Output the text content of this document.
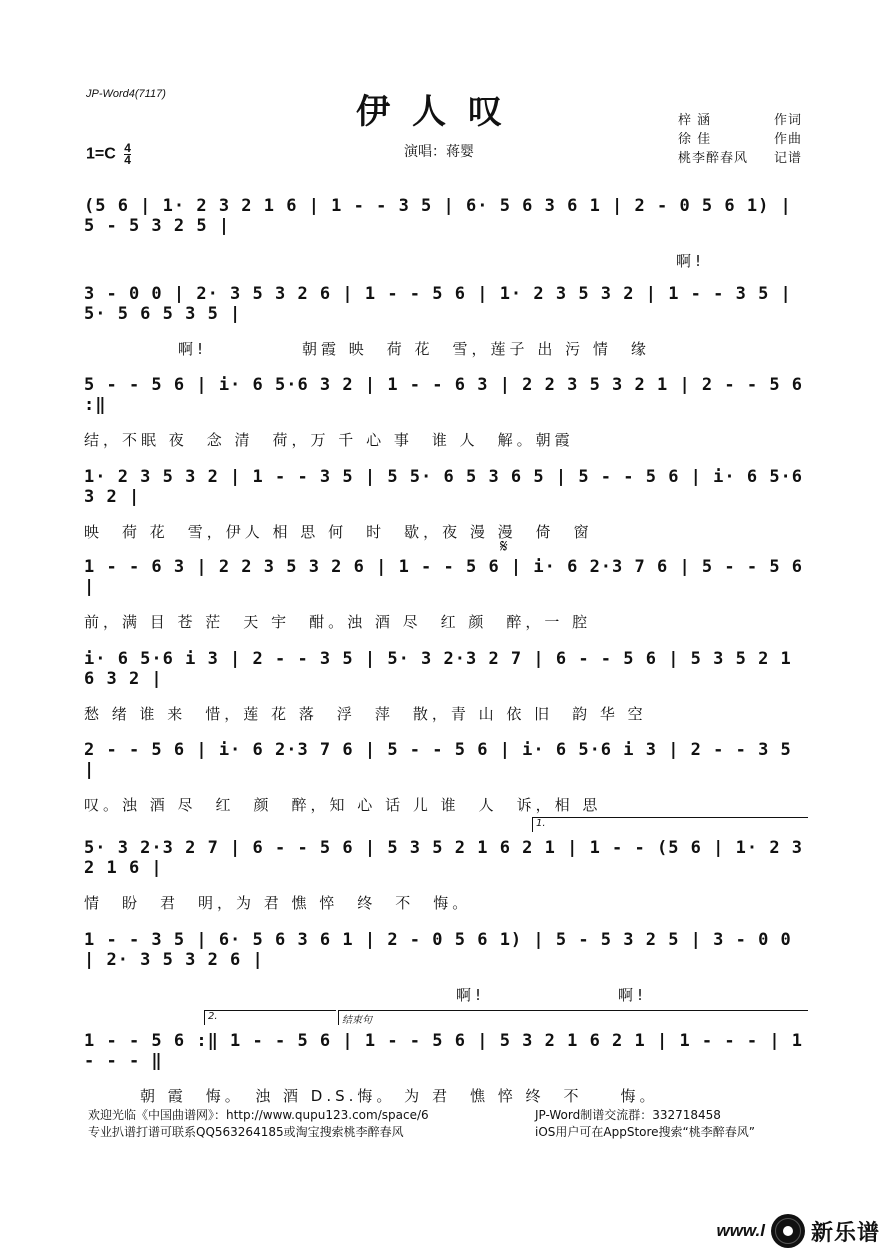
JP-Word4(7117)	伊人叹
$1=C \frac{4}{4}$	演唱：蒋婴
梓 涵	作词
徐 佳	作曲
桃李醉春风	记谱
(5 6 | 1· 2 3 2 1 6 | 1 - - 3 5 | 6· 5 6 3 6 1 | 2 - 0 5 6 1) | 5 - 5 3 2 5 |
啊!
3 - 0 0 | 2· 3 5 3 2 6 | 1 - - 5 6 | 1· 2 3 5 3 2 | 1 - - 3 5 | 5· 5 6 5 3 5 |
啊!　　　　　朝霞 映　荷 花　雪，莲子 出 污 情　缘
5 - - 5 6 | i· 6 5·6 3 2 | 1 - - 6 3 | 2 2 3 5 3 2 1 | 2 - - 5 6 :‖
结，不眠 夜　念 清　荷，万 千 心 事　谁 人　解。朝霞
1· 2 3 5 3 2 | 1 - - 3 5 | 5 5· 6 5 3 6 5 | 5 - - 5 6 | i· 6 5·6 3 2 |
映　荷 花　雪，伊人 相 思 何　时　歇，夜 漫 漫　倚　窗
𝄋
1 - - 6 3 | 2 2 3 5 3 2 6 | 1 - - 5 6 | i· 6 2·3 7 6 | 5 - - 5 6 |
前，满 目 苍 茫　天 宇　酣。浊 酒 尽　红 颜　醉，一 腔
i· 6 5·6 i 3 | 2 - - 3 5 | 5· 3 2·3 2 7 | 6 - - 5 6 | 5 3 5 2 1 6 3 2 |
愁 绪 谁 来　惜，莲 花 落　浮　萍　散，青 山 依 旧　韵 华 空
2 - - 5 6 | i· 6 2·3 7 6 | 5 - - 5 6 | i· 6 5·6 i 3 | 2 - - 3 5 |
叹。浊 酒 尽　红　颜　醉，知 心 话 儿 谁　人　诉，相 思
1.
5· 3 2·3 2 7 | 6 - - 5 6 | 5 3 5 2 1 6 2 1 | 1 - - (5 6 | 1· 2 3 2 1 6 |
情　盼　君　明，为 君 憔 悴　终　不　悔。
1 - - 3 5 | 6· 5 6 3 6 1 | 2 - 0 5 6 1) | 5 - 5 3 2 5 | 3 - 0 0 | 2· 3 5 3 2 6 |
啊!　　　　　　　啊!
2.	结束句
1 - - 5 6 :‖ 1 - - 5 6 | 1 - - 5 6 | 5 3 2 1 6 2 1 | 1 - - - | 1 - - - ‖
朝 霞　悔。　浊 酒 D.S.悔。 为 君　憔 悴 终　不　　悔。
欢迎光临《中国曲谱网》：http://www.qupu123.com/space/6
专业扒谱打谱可联系QQ563264185或淘宝搜索桃李醉春风
JP-Word制谱交流群：332718458
iOS用户可在AppStore搜索“桃李醉春风”
www.l 新乐谱
